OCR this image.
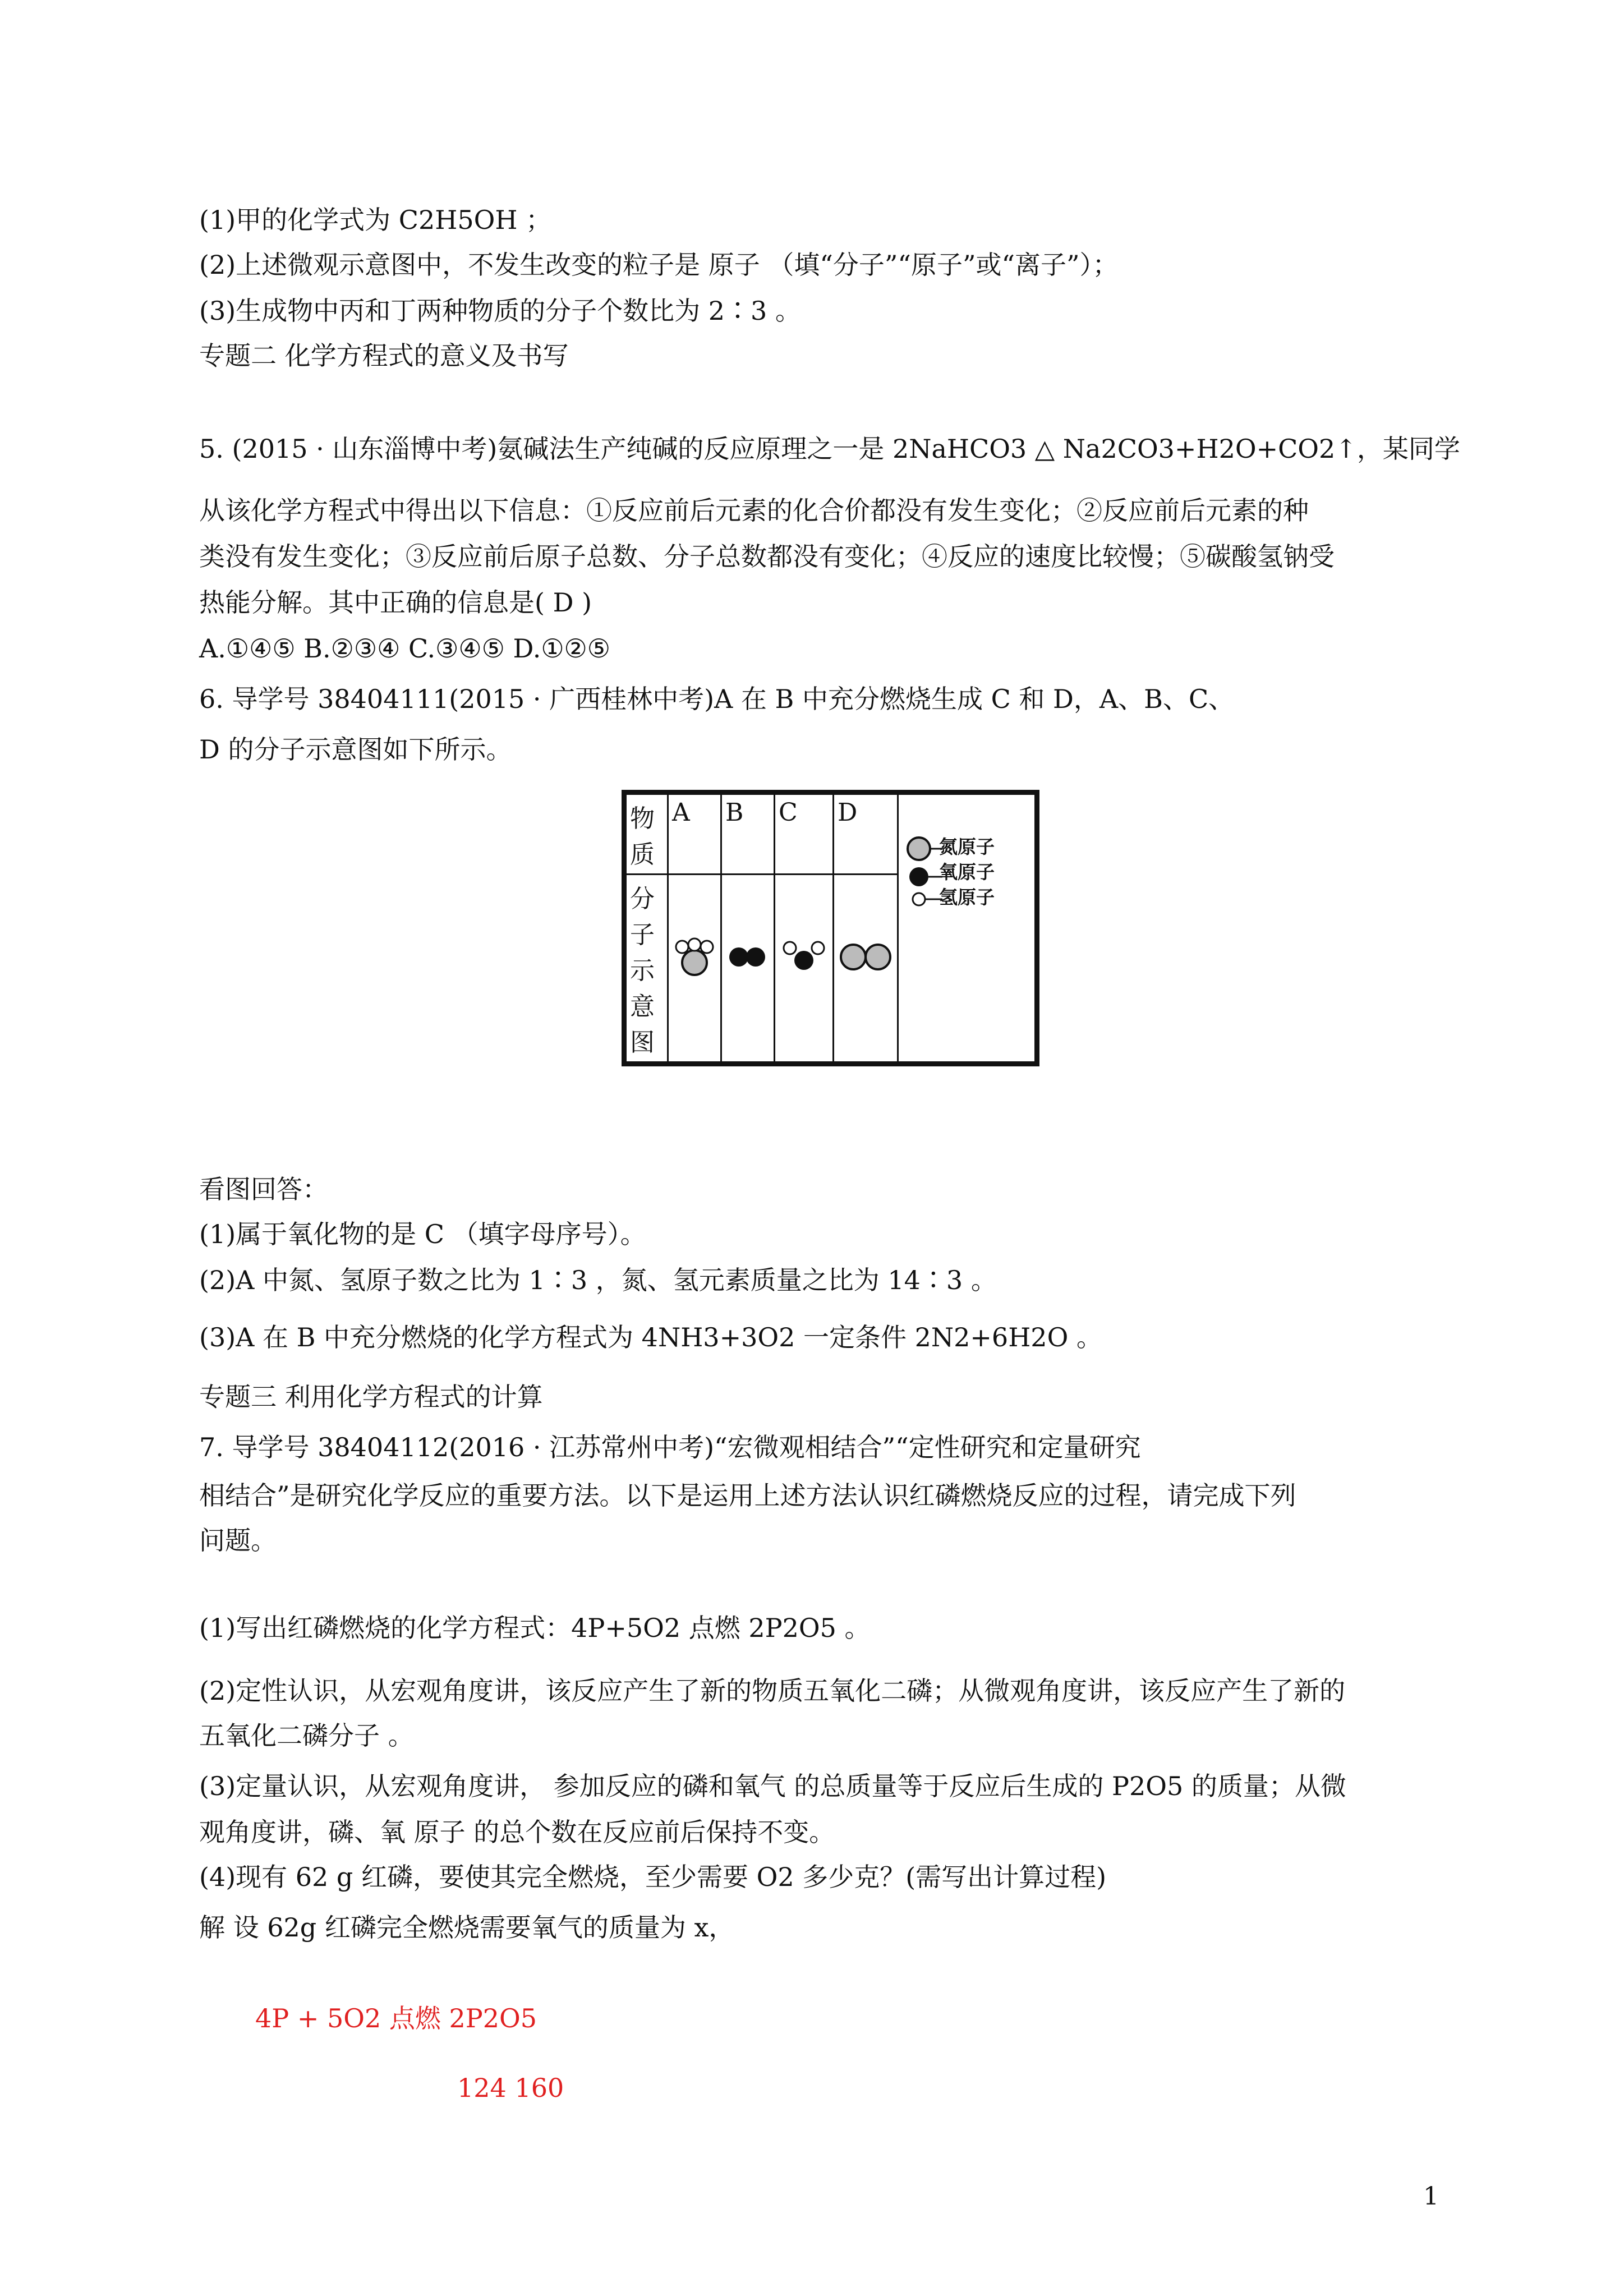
(1)甲的化学式为 C2H5OH ；
(2)上述微观示意图中，不发生改变的粒子是 原子 （填“分子”“原子”或“离子”）；
(3)生成物中丙和丁两种物质的分子个数比为 2∶3 。
专题二 化学方程式的意义及书写
5. (2015 · 山东淄博中考)氨碱法生产纯碱的反应原理之一是 2NaHCO3 △ Na2CO3+H2O+CO2↑，某同学
从该化学方程式中得出以下信息：①反应前后元素的化合价都没有发生变化；②反应前后元素的种
类没有发生变化；③反应前后原子总数、分子总数都没有变化；④反应的速度比较慢；⑤碳酸氢钠受
热能分解。其中正确的信息是( D )
A.①④⑤ B.②③④ C.③④⑤ D.①②⑤
6. 导学号 38404111(2015 · 广西桂林中考)A 在 B 中充分燃烧生成 C 和 D，A、B、C、
D 的分子示意图如下所示。
物质	A	B	C	D	氮原子
氧原子
氢原子

分子示意图				
看图回答：
(1)属于氧化物的是 C （填字母序号）。
(2)A 中氮、氢原子数之比为 1∶3 ，氮、氢元素质量之比为 14∶3 。
(3)A 在 B 中充分燃烧的化学方程式为 4NH3+3O2 一定条件 2N2+6H2O 。
专题三 利用化学方程式的计算
7. 导学号 38404112(2016 · 江苏常州中考)“宏微观相结合”“定性研究和定量研究
相结合”是研究化学反应的重要方法。以下是运用上述方法认识红磷燃烧反应的过程，请完成下列
问题。
(1)写出红磷燃烧的化学方程式：4P+5O2 点燃 2P2O5 。
(2)定性认识，从宏观角度讲，该反应产生了新的物质五氧化二磷；从微观角度讲，该反应产生了新的
五氧化二磷分子 。
(3)定量认识，从宏观角度讲， 参加反应的磷和氧气 的总质量等于反应后生成的 P2O5 的质量；从微
观角度讲，磷、氧 原子 的总个数在反应前后保持不变。
(4)现有 62 g 红磷，要使其完全燃烧，至少需要 O2 多少克？(需写出计算过程)
解 设 62g 红磷完全燃烧需要氧气的质量为 x，
4P + 5O2 点燃 2P2O5
124 160
1
